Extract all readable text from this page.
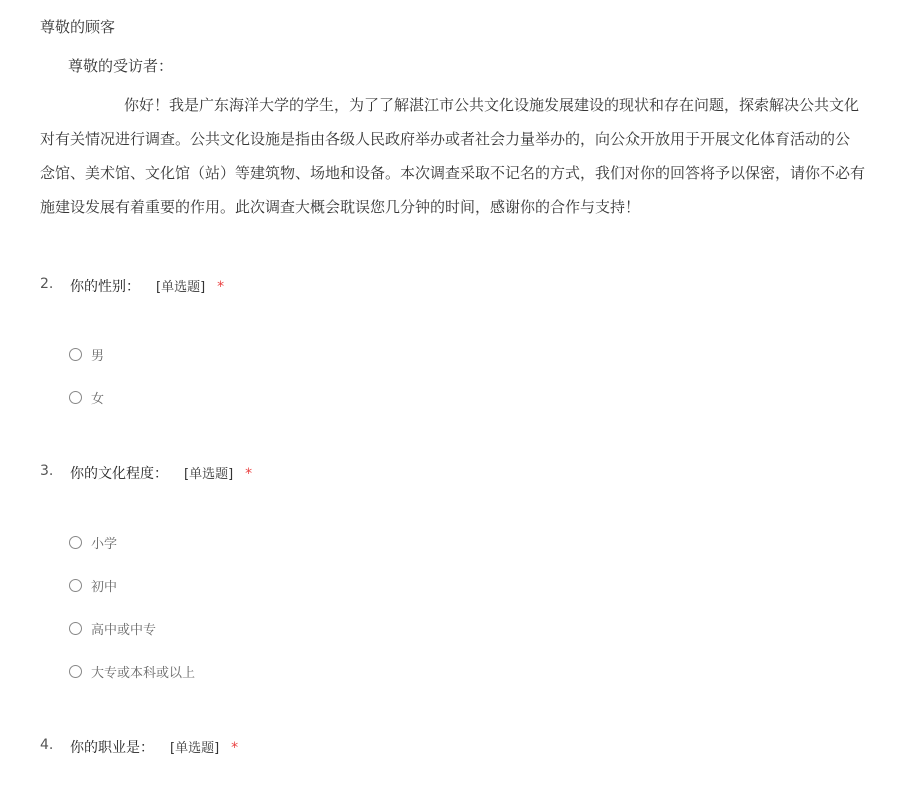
尊敬的顾客
尊敬的受访者：
你好！我是广东海洋大学的学生，为了了解湛江市公共文化设施发展建设的现状和存在问题，探索解决公共文化
对有关情况进行调查。公共文化设施是指由各级人民政府举办或者社会力量举办的，向公众开放用于开展文化体育活动的公
念馆、美术馆、文化馆（站）等建筑物、场地和设备。本次调查采取不记名的方式，我们对你的回答将予以保密，请你不必有
施建设发展有着重要的作用。此次调查大概会耽误您几分钟的时间，感谢你的合作与支持！
2. 你的性别： [单选题] *
男
女
3. 你的文化程度： [单选题] *
小学
初中
高中或中专
大专或本科或以上
4. 你的职业是： [单选题] *
